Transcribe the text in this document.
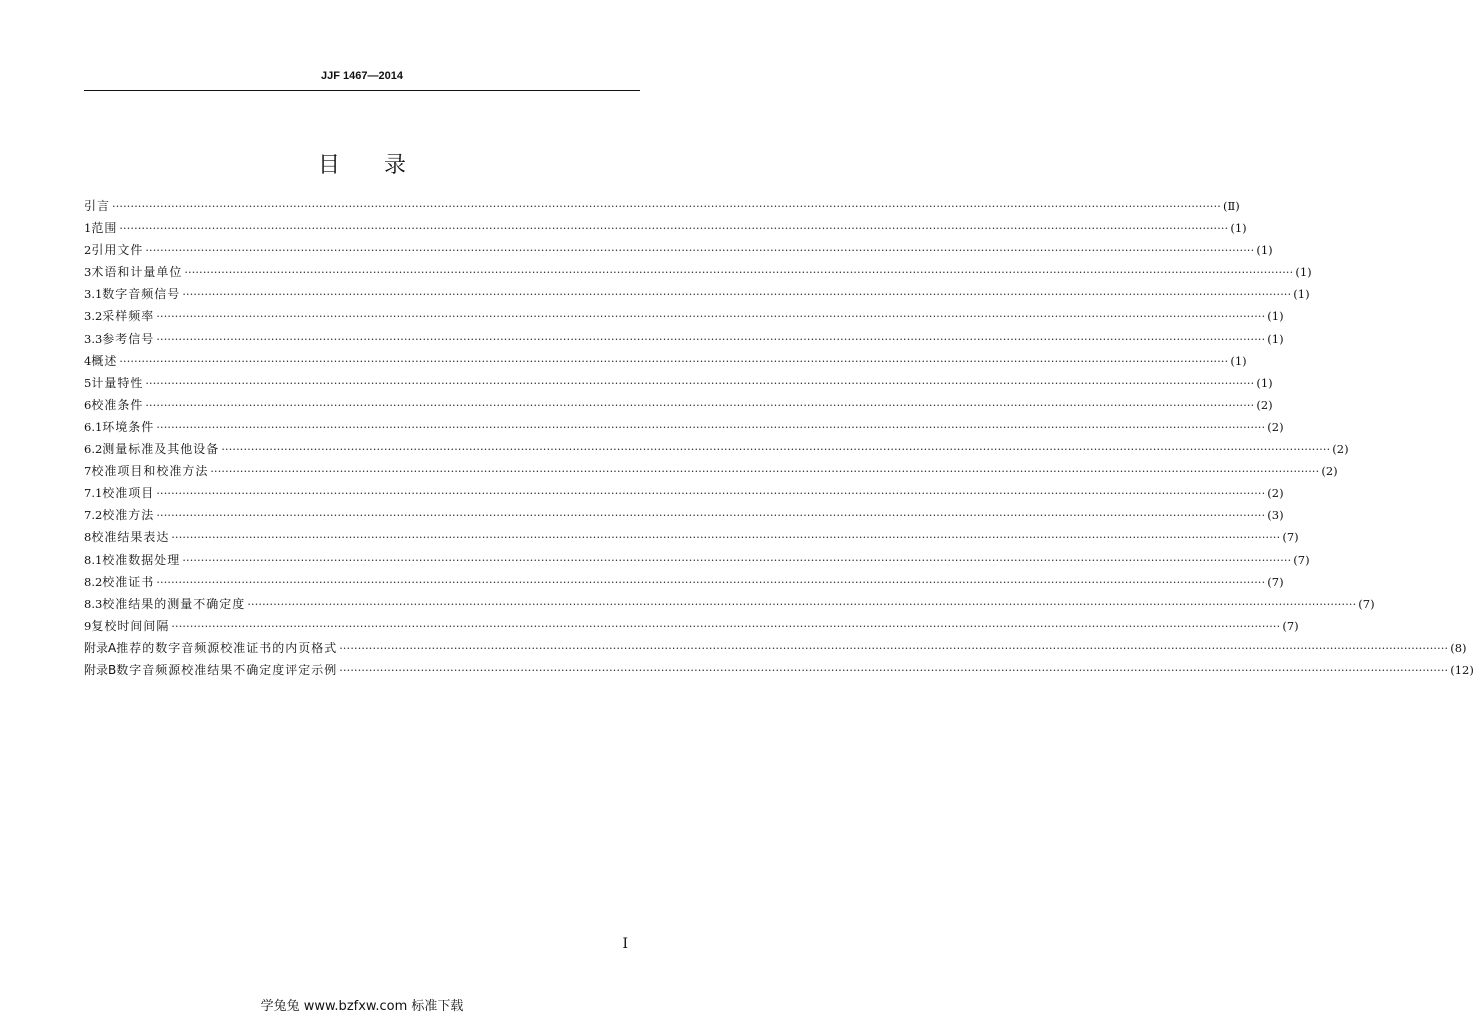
JJF 1467—2014
目录
引言 ············································································································································································································································································································ (Ⅱ)
1 范围 ············································································································································································································································································································ (1)
2 引用文件 ············································································································································································································································································································ (1)
3 术语和计量单位 ············································································································································································································································································································ (1)
3.1 数字音频信号 ············································································································································································································································································································ (1)
3.2 采样频率 ············································································································································································································································································································ (1)
3.3 参考信号 ············································································································································································································································································································ (1)
4 概述 ············································································································································································································································································································ (1)
5 计量特性 ············································································································································································································································································································ (1)
6 校准条件 ············································································································································································································································································································ (2)
6.1 环境条件 ············································································································································································································································································································ (2)
6.2 测量标准及其他设备 ············································································································································································································································································································ (2)
7 校准项目和校准方法 ············································································································································································································································································································ (2)
7.1 校准项目 ············································································································································································································································································································ (2)
7.2 校准方法 ············································································································································································································································································································ (3)
8 校准结果表达 ············································································································································································································································································································ (7)
8.1 校准数据处理 ············································································································································································································································································································ (7)
8.2 校准证书 ············································································································································································································································································································ (7)
8.3 校准结果的测量不确定度 ············································································································································································································································································································ (7)
9 复校时间间隔 ············································································································································································································································································································ (7)
附录A 推荐的数字音频源校准证书的内页格式 ············································································································································································································································································································ (8)
附录B 数字音频源校准结果不确定度评定示例 ············································································································································································································································································································ (12)
I
学兔兔 www.bzfxw.com 标准下载
